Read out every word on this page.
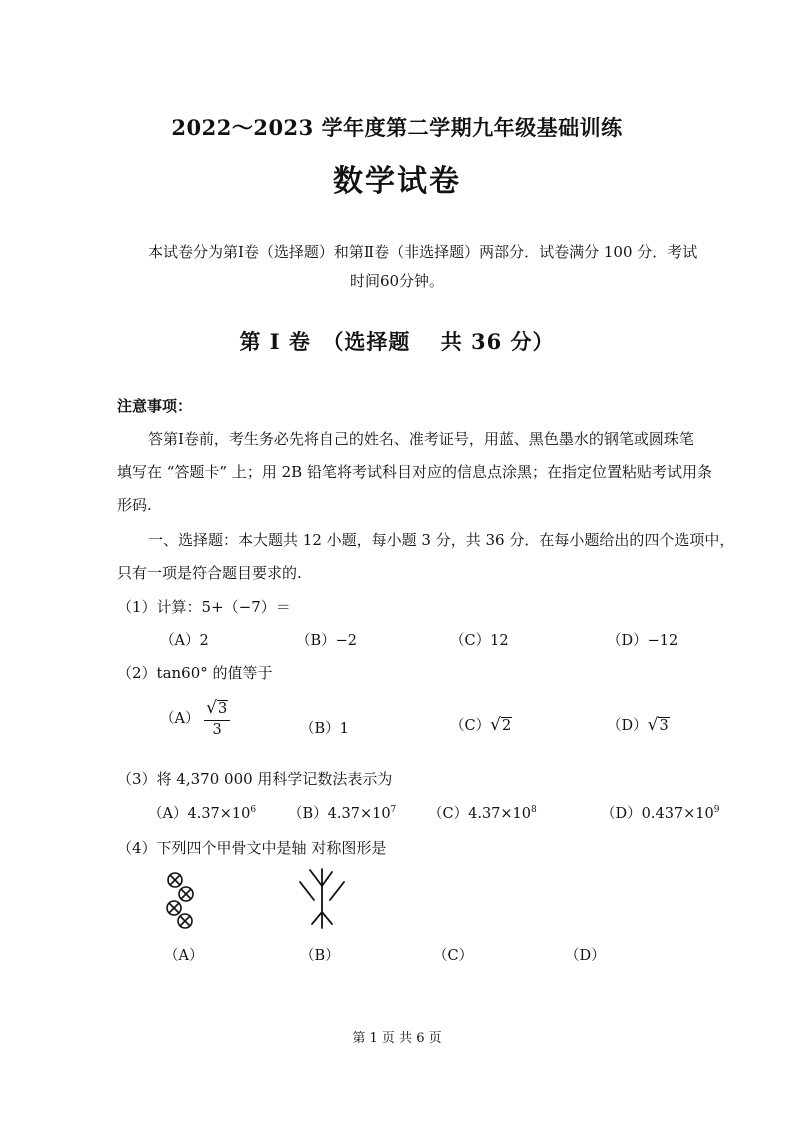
2022～2023 学年度第二学期九年级基础训练
数学试卷
本试卷分为第Ⅰ卷（选择题）和第Ⅱ卷（非选择题）两部分．试卷满分 100 分．考试
时间60分钟。
第 Ⅰ 卷　（选择题　 共 36 分）
注意事项：
答第Ⅰ卷前，考生务必先将自己的姓名、准考证号，用蓝、黑色墨水的钢笔或圆珠笔
填写在 “答题卡” 上；用 2B 铅笔将考试科目对应的信息点涂黑；在指定位置粘贴考试用条
形码.
一、选择题：本大题共 12 小题，每小题 3 分，共 36 分．在每小题给出的四个选项中，
只有一项是符合题目要求的.
（1）计算：5+（−7）＝
（A）2	（B）−2	（C）12	（D）−12
（2）tan60° 的值等于
$(A) \frac{√3}{3}$	（B）1	（C）√2	（D）√3
（3）将 4,370 000 用科学记数法表示为
$(A)4.37\times 10^6$ $(B)4.37\times 10^7$ $(C)4.37\times 10^8$	$(D)0.437\times 10^9$
（4）下列四个甲骨文中是轴 对称图形是
（A）	（B）	（C）	（D）
第 1 页 共 6 页
